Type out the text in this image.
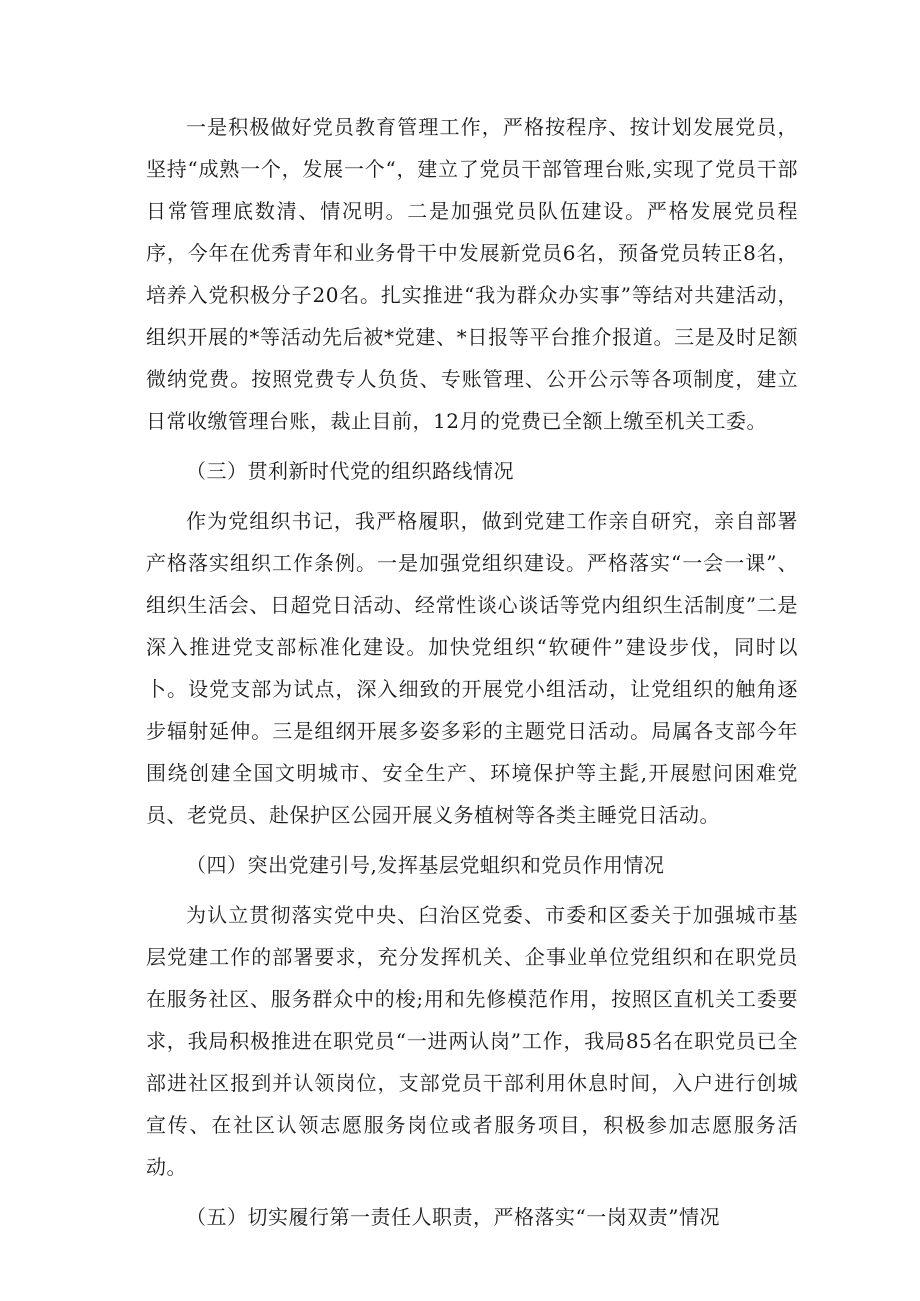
一是积极做好党员教育管理工作，严格按程序、按计划发展党员，坚持“成熟一个，发展一个“，建立了党员干部管理台账,实现了党员干部日常管理底数清、情况明。二是加强党员队伍建设。严格发展党员程序，今年在优秀青年和业务骨干中发展新党员6名，预备党员转正8名，培养入党积极分子20名。扎实推进“我为群众办实事”等结对共建活动，组织开展的*等活动先后被*党建、*日报等平台推介报道。三是及时足额微纳党费。按照党费专人负货、专账管理、公开公示等各项制度，建立日常收缴管理台账，裁止目前，12月的党费已全额上缴至机关工委。

（三）贯利新时代党的组织路线情况

作为党组织书记，我严格履职，做到党建工作亲自研究，亲自部署产格落实组织工作条例。一是加强党组织建设。严格落实“一会一课”、组织生活会、日超党日活动、经常性谈心谈话等党内组织生活制度”二是深入推进党支部标准化建设。加快党组织“软硬件”建设步伐，同时以卜。设党支部为试点，深入细致的开展党小组活动，让党组织的触角逐步辐射延伸。三是组纲开展多姿多彩的主题党日活动。局属各支部今年围绕创建全国文明城市、安全生产、环境保护等主髭,开展慰问困难党员、老党员、赴保护区公园开展义务植树等各类主睡党日活动。

（四）突出党建引号,发挥基层党蛆织和党员作用情况

为认立贯彻落实党中央、臼治区党委、市委和区委关于加强城市基层党建工作的部署要求，充分发挥机关、企事业单位党组织和在职党员在服务社区、服务群众中的梭;用和先修模范作用，按照区直机关工委要求，我局积极推进在职党员“一进两认岗”工作，我局85名在职党员已全部进社区报到并认领岗位，支部党员干部利用休息时间，入户进行创城宣传、在社区认领志愿服务岗位或者服务项目，积极参加志愿服务活动。

（五）切实履行第一责任人职责，严格落实“一岗双责”情况
